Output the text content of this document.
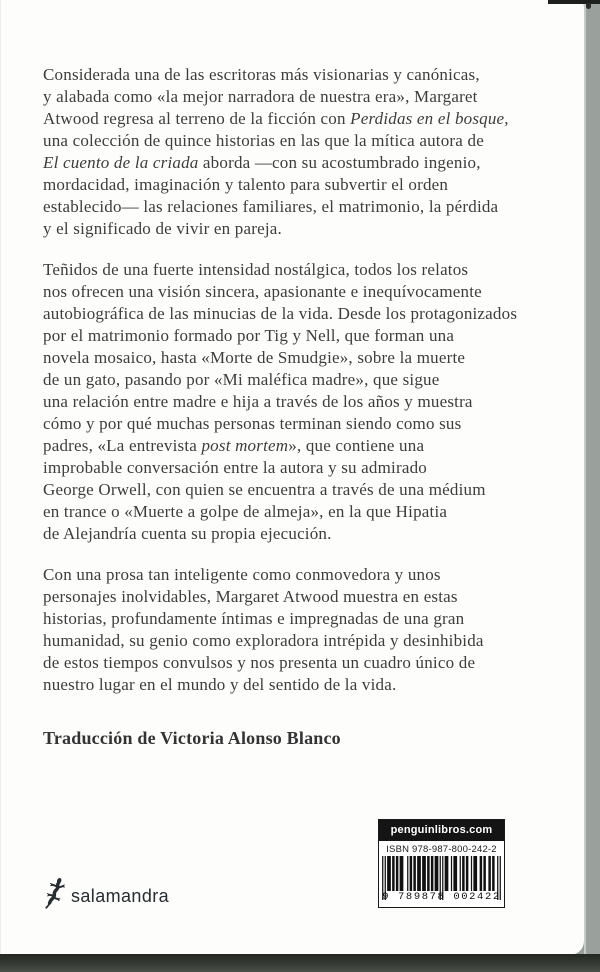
Considerada una de las escritoras más visionarias y canónicas,
y alabada como «la mejor narradora de nuestra era», Margaret
Atwood regresa al terreno de la ficción con Perdidas en el bosque,
una colección de quince historias en las que la mítica autora de
El cuento de la criada aborda —con su acostumbrado ingenio,
mordacidad, imaginación y talento para subvertir el orden
establecido— las relaciones familiares, el matrimonio, la pérdida
y el significado de vivir en pareja.
Teñidos de una fuerte intensidad nostálgica, todos los relatos
nos ofrecen una visión sincera, apasionante e inequívocamente
autobiográfica de las minucias de la vida. Desde los protagonizados
por el matrimonio formado por Tig y Nell, que forman una
novela mosaico, hasta «Morte de Smudgie», sobre la muerte
de un gato, pasando por «Mi maléfica madre», que sigue
una relación entre madre e hija a través de los años y muestra
cómo y por qué muchas personas terminan siendo como sus
padres, «La entrevista post mortem», que contiene una
improbable conversación entre la autora y su admirado
George Orwell, con quien se encuentra a través de una médium
en trance o «Muerte a golpe de almeja», en la que Hipatia
de Alejandría cuenta su propia ejecución.
Con una prosa tan inteligente como conmovedora y unos
personajes inolvidables, Margaret Atwood muestra en estas
historias, profundamente íntimas e impregnadas de una gran
humanidad, su genio como exploradora intrépida y desinhibida
de estos tiempos convulsos y nos presenta un cuadro único de
nuestro lugar en el mundo y del sentido de la vida.
Traducción de Victoria Alonso Blanco
penguinlibros.com
ISBN 978-987-800-242-2
9 789878 002422
salamandra
